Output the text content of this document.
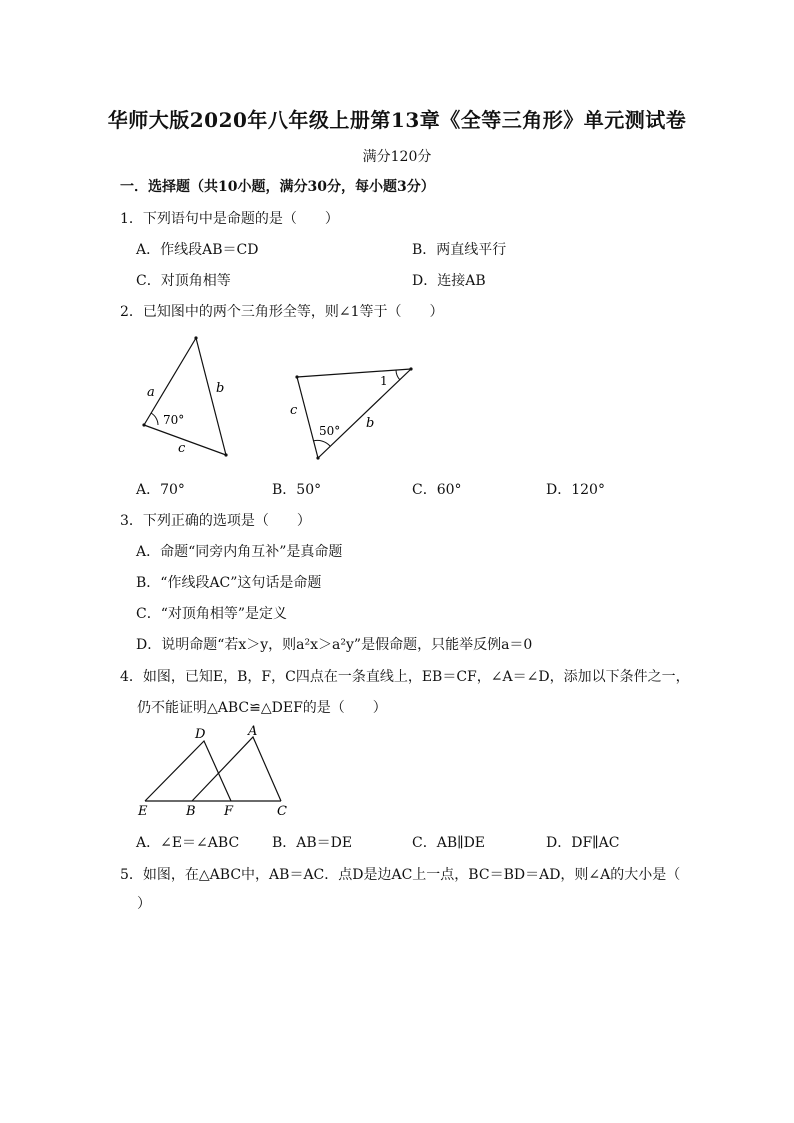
华师大版2020年八年级上册第13章《全等三角形》单元测试卷
满分120分
一．选择题（共10小题，满分30分，每小题3分）
1．下列语句中是命题的是（　　）
A．作线段AB＝CD	B．两直线平行
C．对顶角相等	D．连接AB
2．已知图中的两个三角形全等，则∠1等于（　　）
a	b
c
70°
1
c
b
50°
A．70°	B．50°	C．60°	D．120°
3．下列正确的选项是（　　）
A．命题“同旁内角互补”是真命题
B．“作线段AC”这句话是命题
C．“对顶角相等”是定义
D．说明命题“若x＞y，则a²x＞a²y”是假命题，只能举反例a＝0
4．如图，已知E，B，F，C四点在一条直线上，EB＝CF，∠A＝∠D，添加以下条件之一，
仍不能证明△ABC≌△DEF的是（　　）
D	A
E	B F	C
A．∠E＝∠ABC B．AB＝DE	C．AB∥DE	D．DF∥AC
5．如图，在△ABC中，AB＝AC．点D是边AC上一点，BC＝BD＝AD，则∠A的大小是（
）
